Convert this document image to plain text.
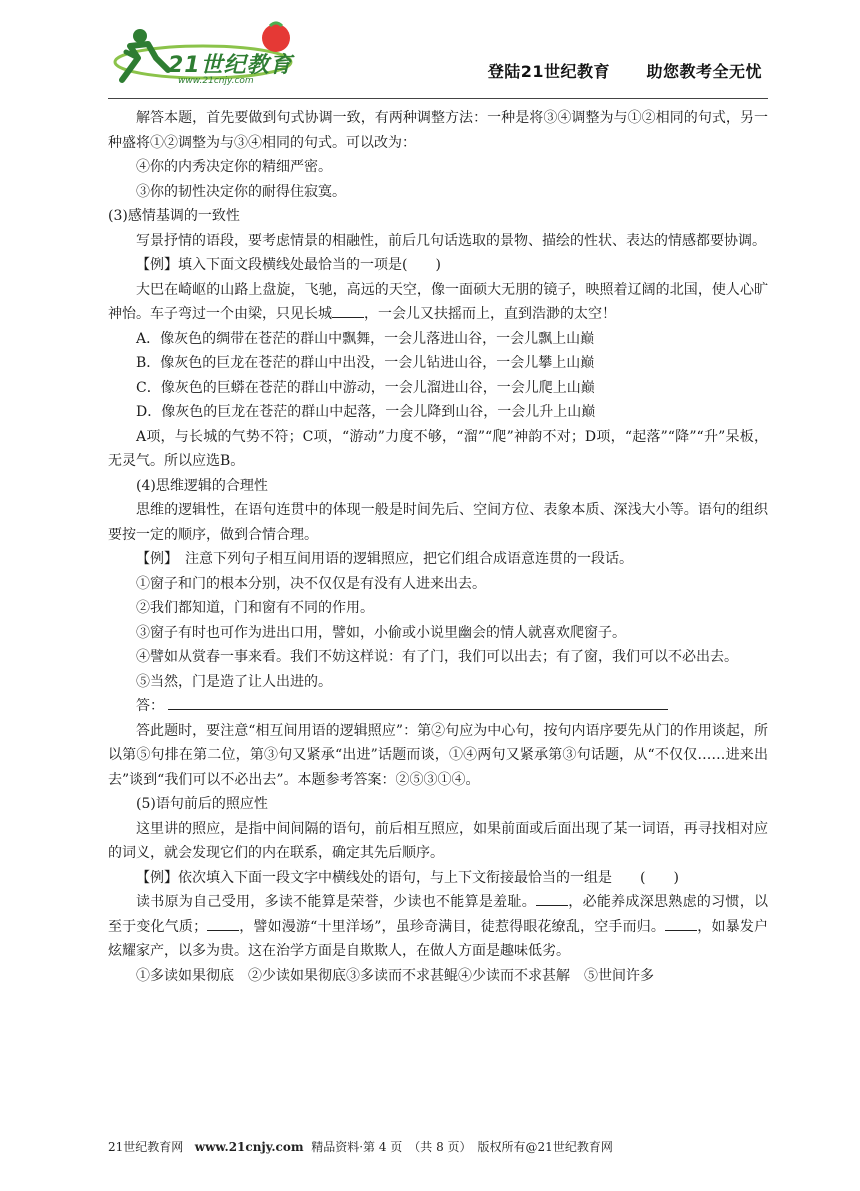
21世纪教育
www.21cnjy.com	登陆21世纪教育 助您教考全无忧

解答本题，首先要做到句式协调一致，有两种调整方法：一种是将③④调整为与①②相同的句式，另一种盛将①②调整为与③④相同的句式。可以改为：

④你的内秀决定你的精细严密。

③你的韧性决定你的耐得住寂寞。

(3)感情基调的一致性

写景抒情的语段，要考虑情景的相融性，前后几句话选取的景物、描绘的性状、表达的情感都要协调。

【例】填入下面文段横线处最恰当的一项是(　　)

大巴在崎岖的山路上盘旋，飞驰，高远的天空，像一面硕大无朋的镜子，映照着辽阔的北国，使人心旷神怡。车子弯过一个由梁，只见长城 ，一会儿又扶摇而上，直到浩渺的太空！

A．像灰色的绸带在苍茫的群山中飘舞，一会儿落进山谷，一会儿飘上山巅

B．像灰色的巨龙在苍茫的群山中出没，一会儿钻进山谷，一会儿攀上山巅

C．像灰色的巨蟒在苍茫的群山中游动，一会儿溜进山谷，一会儿爬上山巅

D．像灰色的巨龙在苍茫的群山中起落，一会儿降到山谷，一会儿升上山巅

A项，与长城的气势不符；C项，“游动”力度不够，“溜”“爬”神韵不对；D项，“起落”“降”“升”呆板，无灵气。所以应选B。

(4)思维逻辑的合理性

思维的逻辑性，在语句连贯中的体现一般是时间先后、空间方位、表象本质、深浅大小等。语句的组织要按一定的顺序，做到合情合理。

【例】　注意下列句子相互间用语的逻辑照应，把它们组合成语意连贯的一段话。

①窗子和门的根本分别，决不仅仅是有没有人进来出去。

②我们都知道，门和窗有不同的作用。

③窗子有时也可作为进出口用，譬如，小偷或小说里幽会的情人就喜欢爬窗子。

④譬如从赏春一事来看。我们不妨这样说：有了门，我们可以出去；有了窗，我们可以不必出去。

⑤当然，门是造了让人出进的。

答：

答此题时，要注意“相互间用语的逻辑照应”：第②句应为中心句，按句内语序要先从门的作用谈起，所以第⑤句排在第二位，第③句又紧承“出进”话题而谈，①④两句又紧承第③句话题，从“不仅仅……进来出去”谈到“我们可以不必出去”。本题参考答案：②⑤③①④。

(5)语句前后的照应性

这里讲的照应，是指中间间隔的语句，前后相互照应，如果前面或后面出现了某一词语，再寻找相对应的词义，就会发现它们的内在联系，确定其先后顺序。

【例】依次填入下面一段文字中横线处的语句，与上下文衔接最恰当的一组是　　(　　)

读书原为自己受用，多读不能算是荣誉，少读也不能算是羞耻。 ，必能养成深思熟虑的习惯，以至于变化气质； ，譬如漫游“十里洋场”，虽珍奇满目，徒惹得眼花缭乱，空手而归。 ，如暴发户炫耀家产，以多为贵。这在治学方面是自欺欺人，在做人方面是趣味低劣。

①多读如果彻底　②少读如果彻底③多读而不求甚鲲④少读而不求甚解　⑤世间许多

21世纪教育网 www.21cnjy.com 精品资料·第 4 页　（共 8 页）　版权所有@21世纪教育网
